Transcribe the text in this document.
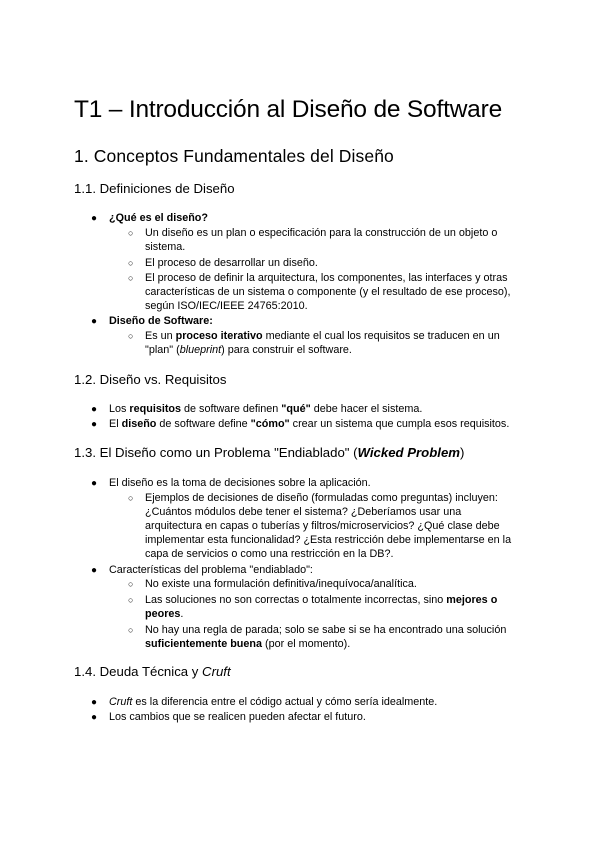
T1 – Introducción al Diseño de Software
1. Conceptos Fundamentales del Diseño
1.1. Definiciones de Diseño
● ¿Qué es el diseño?
○ Un diseño es un plan o especificación para la construcción de un objeto o
sistema.
○ El proceso de desarrollar un diseño.
○ El proceso de definir la arquitectura, los componentes, las interfaces y otras
características de un sistema o componente (y el resultado de ese proceso),
según ISO/IEC/IEEE 24765:2010.
● Diseño de Software:
○ Es un proceso iterativo mediante el cual los requisitos se traducen en un
"plan" (blueprint) para construir el software.
1.2. Diseño vs. Requisitos
● Los requisitos de software definen "qué" debe hacer el sistema.
● El diseño de software define "cómo" crear un sistema que cumpla esos requisitos.
1.3. El Diseño como un Problema "Endiablado" (Wicked Problem)
● El diseño es la toma de decisiones sobre la aplicación.
○ Ejemplos de decisiones de diseño (formuladas como preguntas) incluyen:
¿Cuántos módulos debe tener el sistema? ¿Deberíamos usar una
arquitectura en capas o tuberías y filtros/microservicios? ¿Qué clase debe
implementar esta funcionalidad? ¿Esta restricción debe implementarse en la
capa de servicios o como una restricción en la DB?.
● Características del problema "endiablado":
○ No existe una formulación definitiva/inequívoca/analítica.
○ Las soluciones no son correctas o totalmente incorrectas, sino mejores o
peores.
○ No hay una regla de parada; solo se sabe si se ha encontrado una solución
suficientemente buena (por el momento).
1.4. Deuda Técnica y Cruft
● Cruft es la diferencia entre el código actual y cómo sería idealmente.
● Los cambios que se realicen pueden afectar el futuro.
